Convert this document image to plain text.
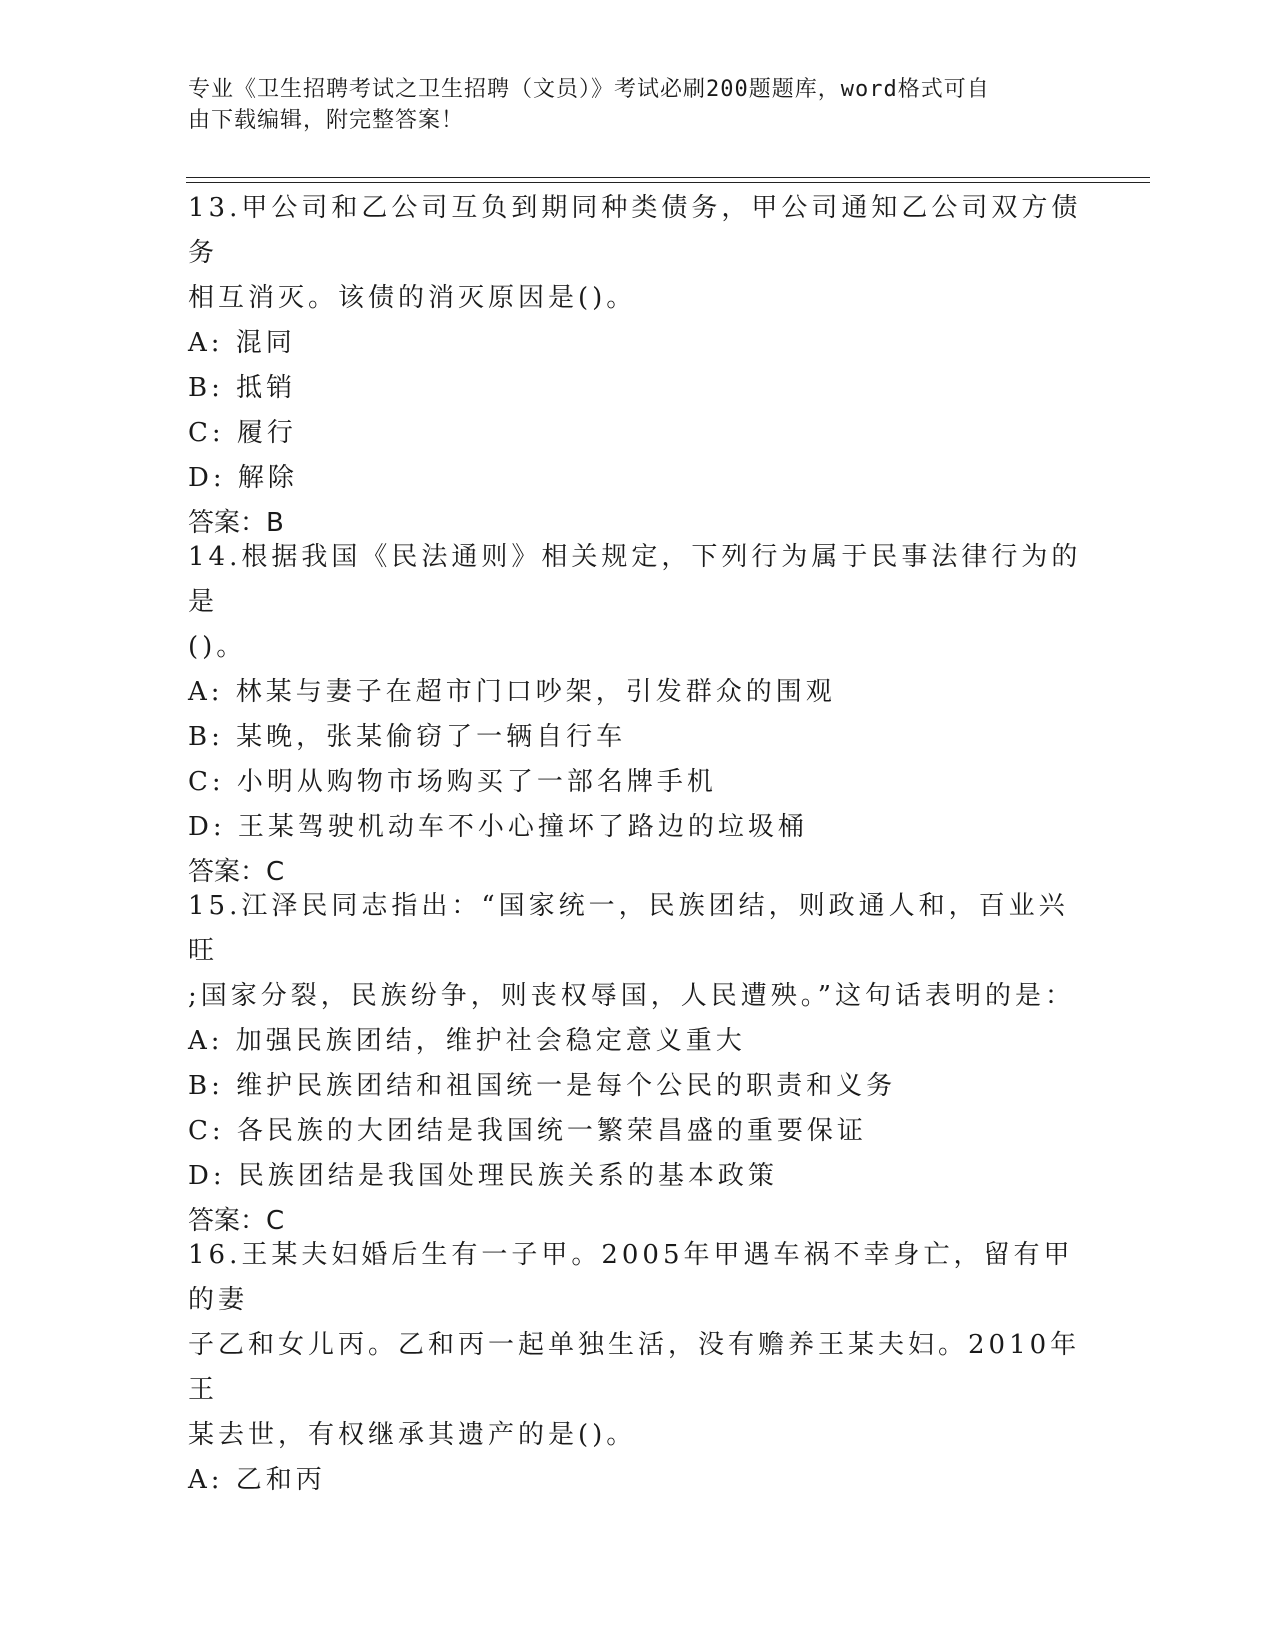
专业《卫生招聘考试之卫生招聘（文员）》考试必刷200题题库，word格式可自
由下载编辑，附完整答案！

13.甲公司和乙公司互负到期同种类债务，甲公司通知乙公司双方债务

相互消灭。该债的消灭原因是()。

A: 混同

B: 抵销

C: 履行

D: 解除

答案：B

14.根据我国《民法通则》相关规定，下列行为属于民事法律行为的是

()。

A: 林某与妻子在超市门口吵架，引发群众的围观

B: 某晚，张某偷窃了一辆自行车

C: 小明从购物市场购买了一部名牌手机

D: 王某驾驶机动车不小心撞坏了路边的垃圾桶

答案：C

15.江泽民同志指出：“国家统一，民族团结，则政通人和，百业兴旺

;国家分裂，民族纷争，则丧权辱国，人民遭殃。”这句话表明的是：

A: 加强民族团结，维护社会稳定意义重大

B: 维护民族团结和祖国统一是每个公民的职责和义务

C: 各民族的大团结是我国统一繁荣昌盛的重要保证

D: 民族团结是我国处理民族关系的基本政策

答案：C

16.王某夫妇婚后生有一子甲。2005年甲遇车祸不幸身亡，留有甲的妻

子乙和女儿丙。乙和丙一起单独生活，没有赡养王某夫妇。2010年王

某去世，有权继承其遗产的是()。

A: 乙和丙
